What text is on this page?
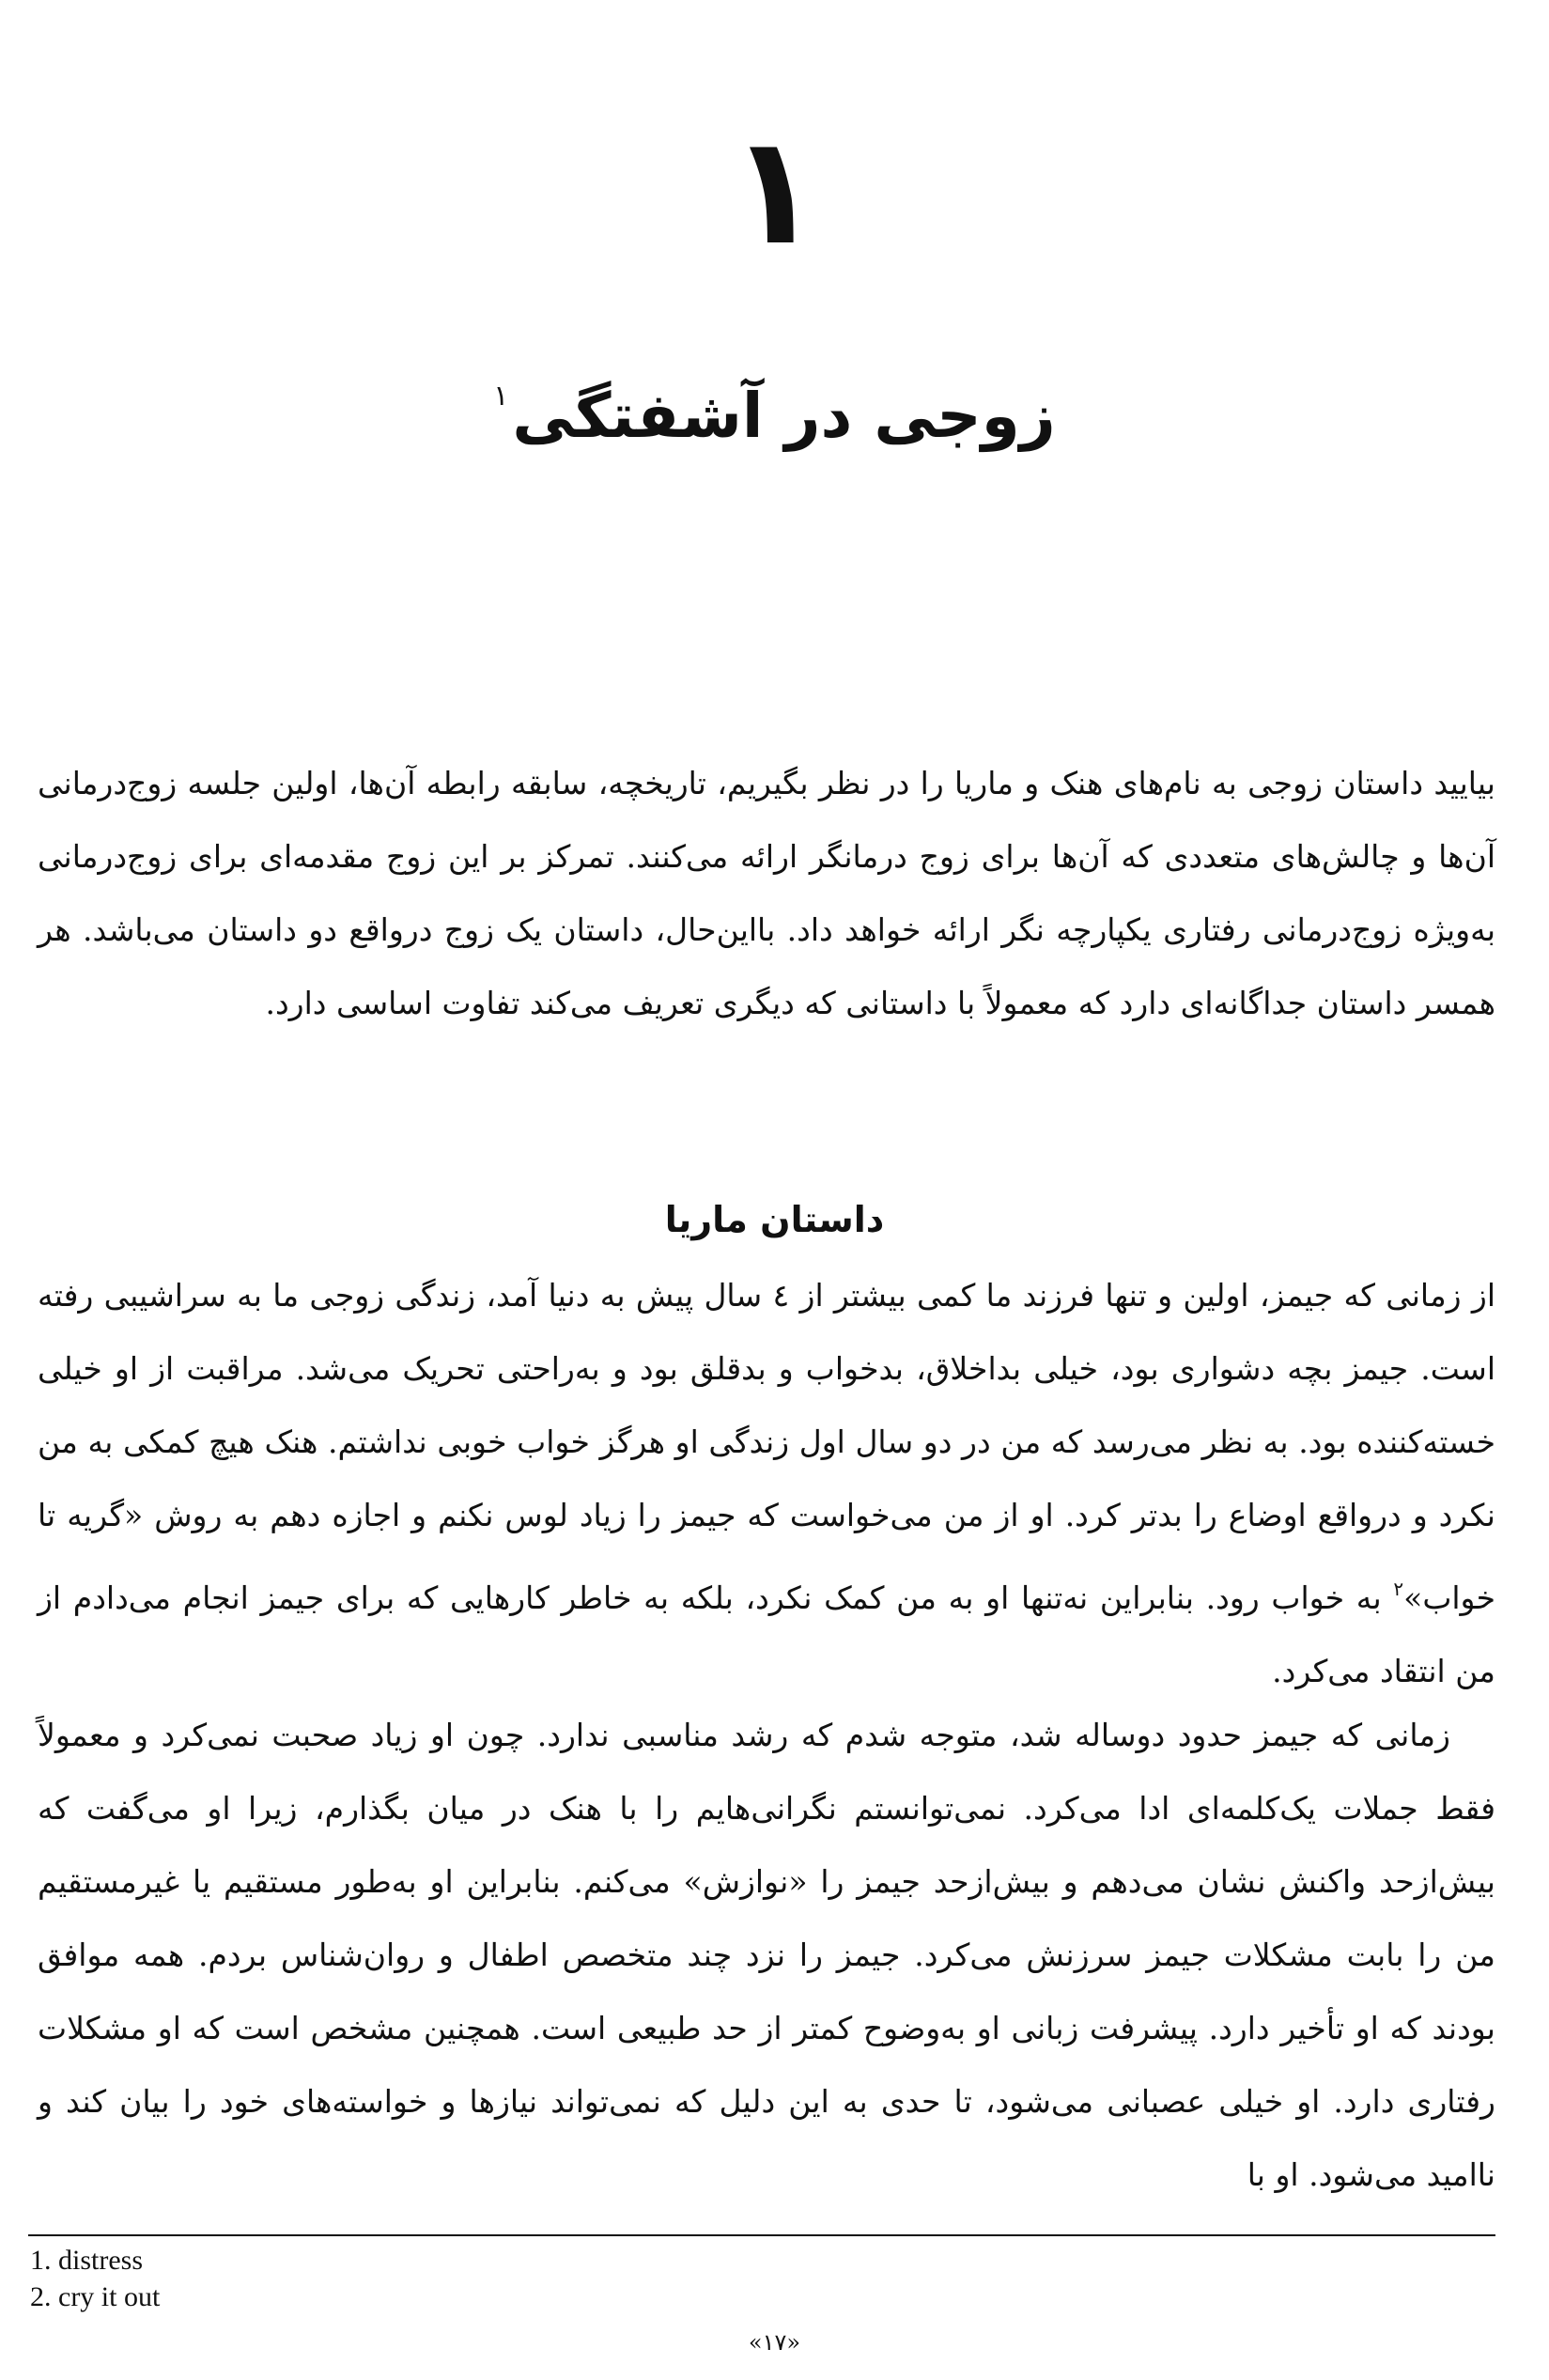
۱
زوجی در آشفتگی$^۱$

بیایید داستان زوجی به نام‌های هنک و ماریا را در نظر بگیریم، تاریخچه، سابقه رابطه آن‌ها، اولین جلسه زوج‌درمانی آن‌ها و چالش‌های متعددی که آن‌ها برای زوج درمانگر ارائه می‌کنند. تمرکز بر این زوج مقدمه‌ای برای زوج‌درمانی به‌ویژه زوج‌درمانی رفتاری یکپارچه نگر ارائه خواهد داد. بااین‌حال، داستان یک زوج درواقع دو داستان می‌باشد. هر همسر داستان جداگانه‌ای دارد که معمولاً با داستانی که دیگری تعریف می‌کند تفاوت اساسی دارد.

داستان ماریا

از زمانی که جیمز، اولین و تنها فرزند ما کمی بیشتر از ٤ سال پیش به دنیا آمد، زندگی زوجی ما به سراشیبی رفته است. جیمز بچه دشواری بود، خیلی بداخلاق، بدخواب و بدقلق بود و به‌راحتی تحریک می‌شد. مراقبت از او خیلی خسته‌کننده بود. به نظر می‌رسد که من در دو سال اول زندگی او هرگز خواب خوبی نداشتم. هنک هیچ کمکی به من نکرد و درواقع اوضاع را بدتر کرد. او از من می‌خواست که جیمز را زیاد لوس نکنم و اجازه دهم به روش «گریه تا خواب»$^۲$ به خواب رود. بنابراین نه‌تنها او به من کمک نکرد، بلکه به خاطر کارهایی که برای جیمز انجام می‌دادم از من انتقاد می‌کرد.

زمانی که جیمز حدود دوساله شد، متوجه شدم که رشد مناسبی ندارد. چون او زیاد صحبت نمی‌کرد و معمولاً فقط جملات یک‌کلمه‌ای ادا می‌کرد. نمی‌توانستم نگرانی‌هایم را با هنک در میان بگذارم، زیرا او می‌گفت که بیش‌ازحد واکنش نشان می‌دهم و بیش‌ازحد جیمز را «نوازش» می‌کنم. بنابراین او به‌طور مستقیم یا غیرمستقیم من را بابت مشکلات جیمز سرزنش می‌کرد. جیمز را نزد چند متخصص اطفال و روان‌شناس بردم. همه موافق بودند که او تأخیر دارد. پیشرفت زبانی او به‌وضوح کمتر از حد طبیعی است. همچنین مشخص است که او مشکلات رفتاری دارد. او خیلی عصبانی می‌شود، تا حدی به این دلیل که نمی‌تواند نیازها و خواسته‌های خود را بیان کند و ناامید می‌شود. او با

1. distress
2. cry it out
«۱۷»
